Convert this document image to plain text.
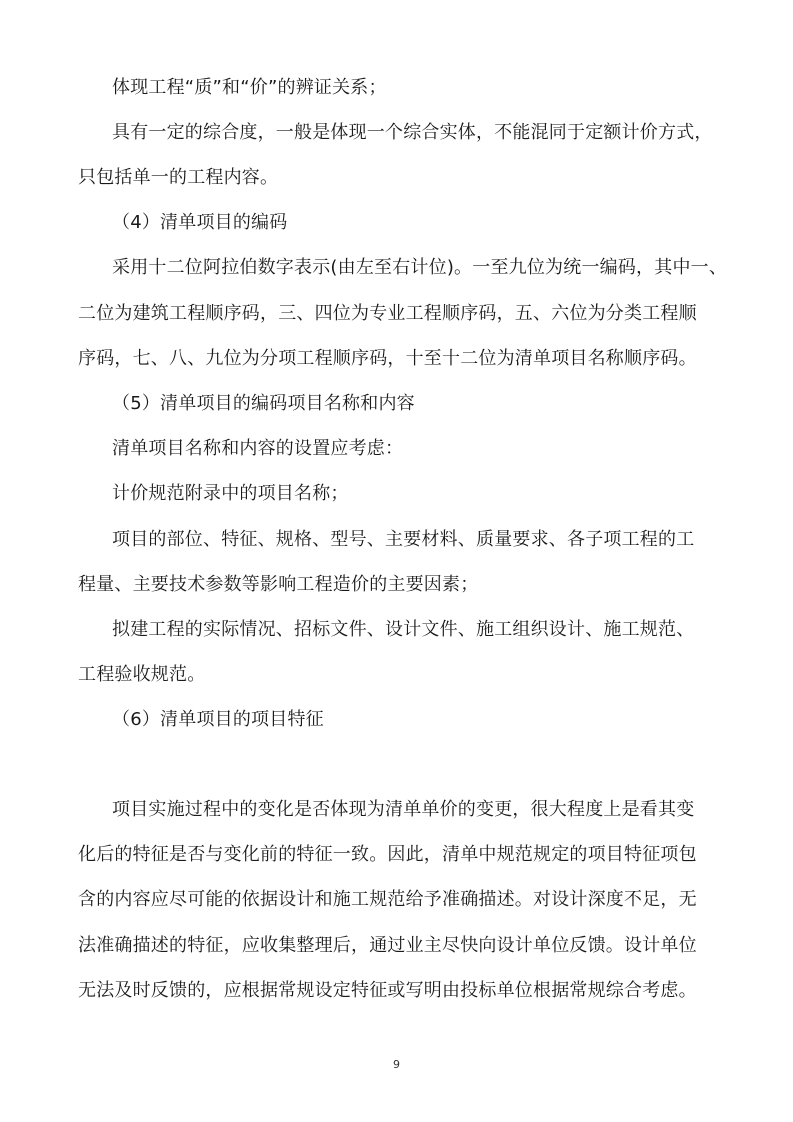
体现工程“质”和“价”的辨证关系；
具有一定的综合度，一般是体现一个综合实体，不能混同于定额计价方式，
只包括单一的工程内容。
（4）清单项目的编码
采用十二位阿拉伯数字表示(由左至右计位)。一至九位为统一编码，其中一、
二位为建筑工程顺序码，三、四位为专业工程顺序码，五、六位为分类工程顺
序码，七、八、九位为分项工程顺序码，十至十二位为清单项目名称顺序码。
（5）清单项目的编码项目名称和内容
清单项目名称和内容的设置应考虑：
计价规范附录中的项目名称；
项目的部位、特征、规格、型号、主要材料、质量要求、各子项工程的工
程量、主要技术参数等影响工程造价的主要因素；
拟建工程的实际情况、招标文件、设计文件、施工组织设计、施工规范、
工程验收规范。
（6）清单项目的项目特征
项目实施过程中的变化是否体现为清单单价的变更，很大程度上是看其变
化后的特征是否与变化前的特征一致。因此，清单中规范规定的项目特征项包
含的内容应尽可能的依据设计和施工规范给予准确描述。对设计深度不足，无
法准确描述的特征，应收集整理后，通过业主尽快向设计单位反馈。设计单位
无法及时反馈的，应根据常规设定特征或写明由投标单位根据常规综合考虑。
9
